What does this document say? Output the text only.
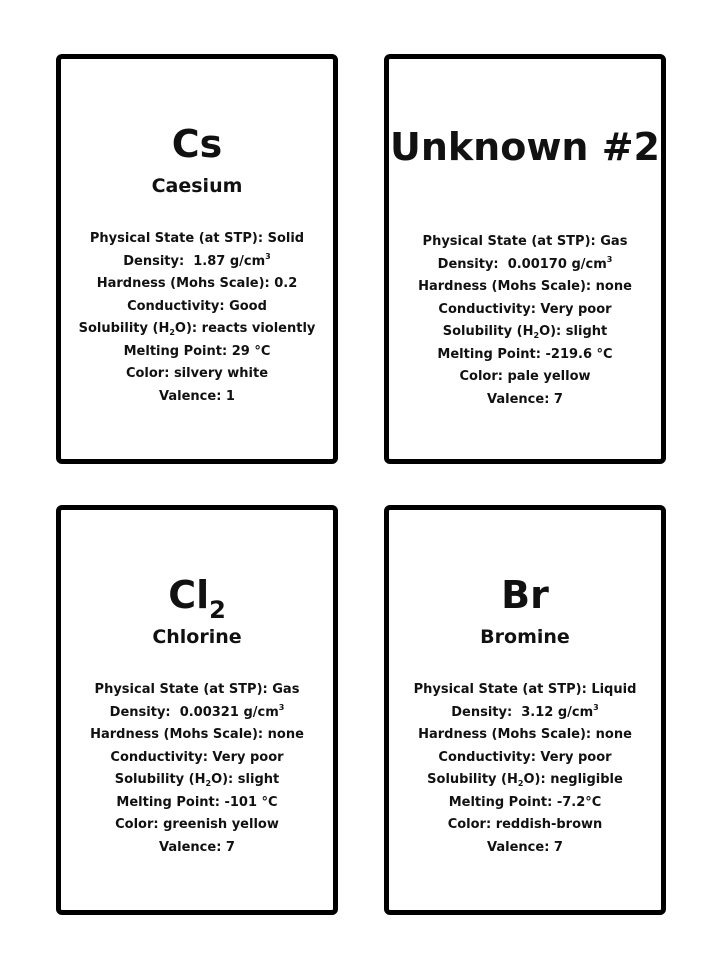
Cs
Caesium
Physical State (at STP): Solid
Density: 1.87 $g/cm^3$
Hardness (Mohs Scale): 0.2
Conductivity: Good
Solubility $(H_2O)$: reacts violently
Melting Point: 29 °C
Color: silvery white
Valence: 1
Unknown #2
Physical State (at STP): Gas
Density: 0.00170 $g/cm^3$
Hardness (Mohs Scale): none
Conductivity: Very poor
Solubility $(H_2O)$: slight
Melting Point: -219.6 °C
Color: pale yellow
Valence: 7
$Cl_2$
Chlorine
Physical State (at STP): Gas
Density: 0.00321 $g/cm^3$
Hardness (Mohs Scale): none
Conductivity: Very poor
Solubility $(H_2O)$: slight
Melting Point: -101 °C
Color: greenish yellow
Valence: 7
Br
Bromine
Physical State (at STP): Liquid
Density: 3.12 $g/cm^3$
Hardness (Mohs Scale): none
Conductivity: Very poor
Solubility $(H_2O)$: negligible
Melting Point: -7.2°C
Color: reddish-brown
Valence: 7
